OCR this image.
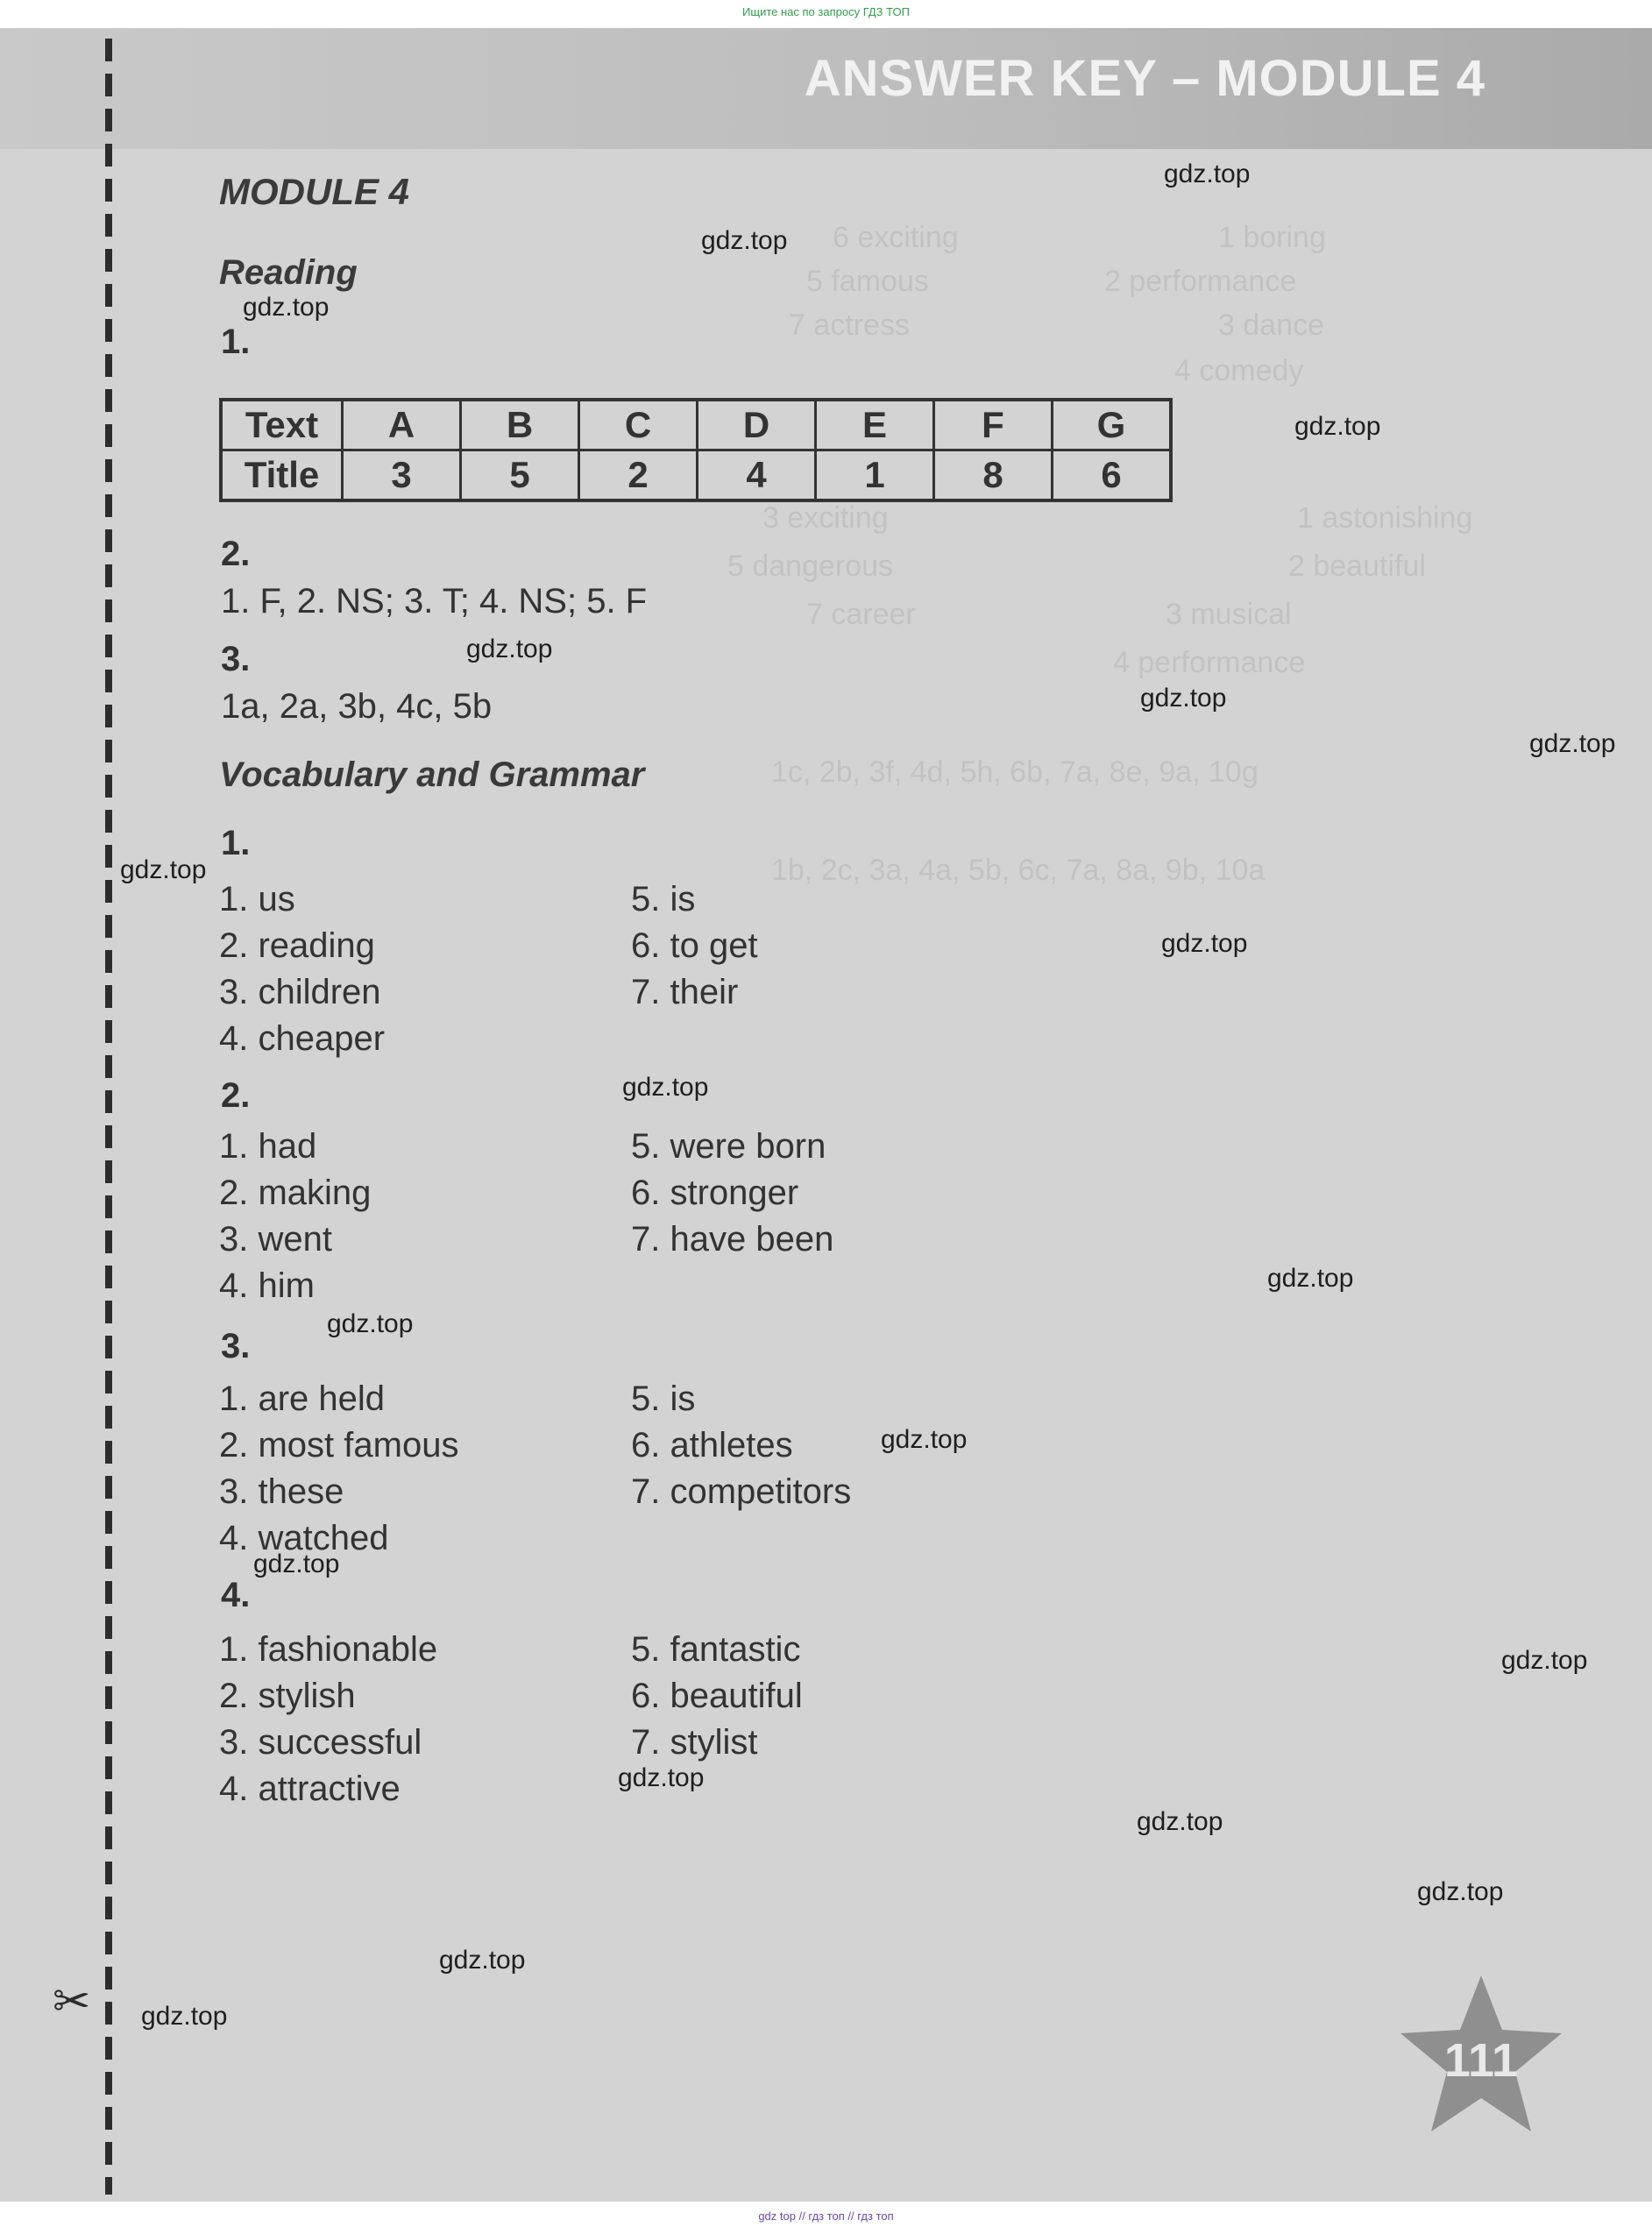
Ищите нас по запросу ГДЗ ТОП
ANSWER KEY – MODULE 4
✂
1 boring
6 exciting
2 performance
5 famous
3 dance
7 actress
4 comedy
1 astonishing
3 exciting
2 beautiful
5 dangerous
3 musical
7 career
4 performance
1c, 2b, 3f, 4d, 5h, 6b, 7a, 8e, 9a, 10g
1b, 2c, 3a, 4a, 5b, 6c, 7a, 8a, 9b, 10a
MODULE 4
Reading
1.
Text	A	B	C	D	E	F	G
Title	3	5	2	4	1	8	6
2.
1. F, 2. NS; 3. T; 4. NS; 5. F
3.
1a, 2a, 3b, 4c, 5b
Vocabulary and Grammar
1.
1. us
2. reading
3. children
4. cheaper
5. is
6. to get
7. their
2.
1. had
2. making
3. went
4. him
5. were born
6. stronger
7. have been
3.
1. are held
2. most famous
3. these
4. watched
5. is
6. athletes
7. competitors
4.
1. fashionable
2. stylish
3. successful
4. attractive
5. fantastic
6. beautiful
7. stylist
111
gdz.top
gdz.top
gdz.top
gdz.top
gdz.top
gdz.top
gdz.top
gdz.top
gdz.top
gdz.top
gdz.top
gdz.top
gdz.top
gdz.top
gdz.top
gdz.top
gdz.top
gdz.top
gdz.top
gdz.top
gdz top // гдз топ // гдз топ
